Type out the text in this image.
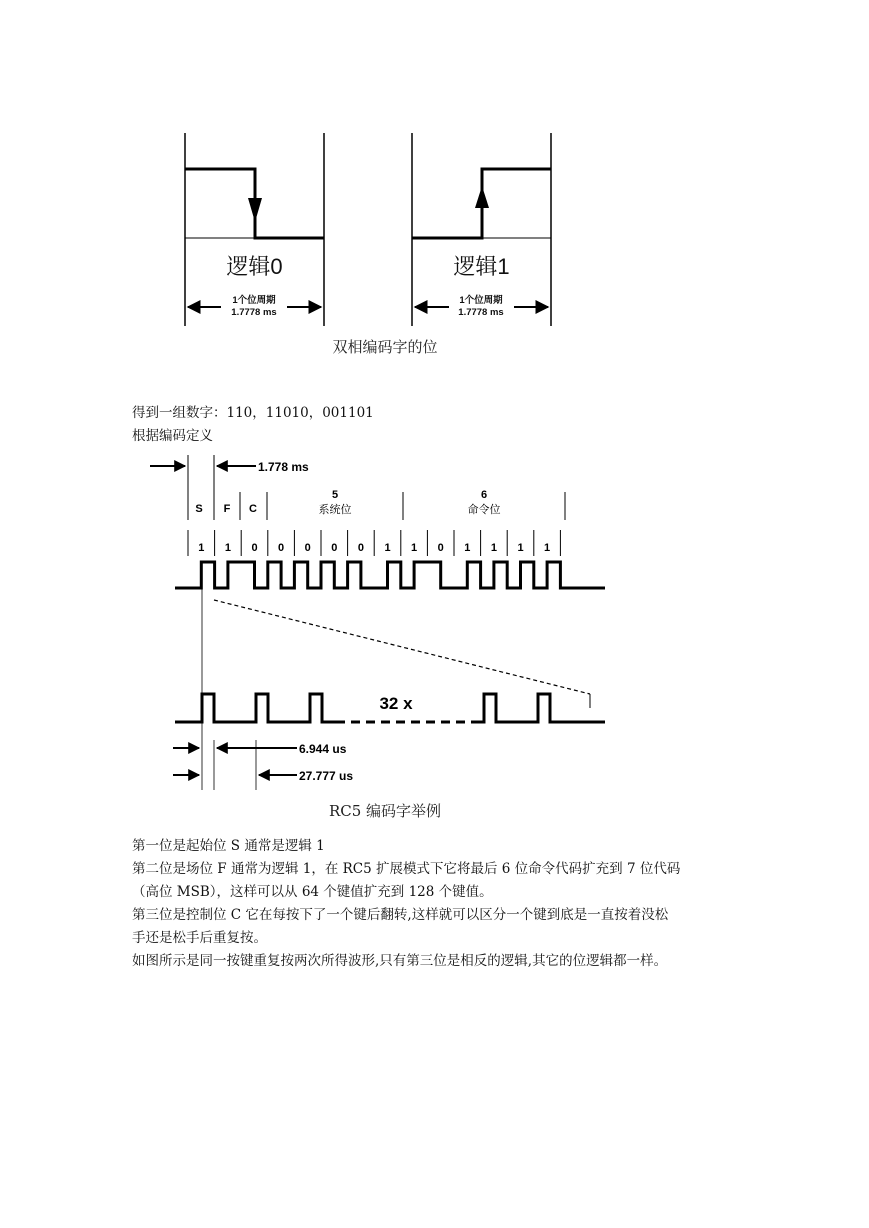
逻辑0	逻辑1
1个位周期
1.7778 ms
1个位周期
1.7778 ms
双相编码字的位
得到一组数字：110，11010，001101
根据编码定义
1.778 ms
S F C
5
系统位
6
命令位
1 1 0 0 0 0 0 1 1 0 1 1 1 1
32 x
6.944 us
27.777 us
RC5 编码字举例
第一位是起始位 S 通常是逻辑 1
第二位是场位 F 通常为逻辑 1，在 RC5 扩展模式下它将最后 6 位命令代码扩充到 7 位代码
（高位 MSB），这样可以从 64 个键值扩充到 128 个键值。
第三位是控制位 C 它在每按下了一个键后翻转,这样就可以区分一个键到底是一直按着没松
手还是松手后重复按。
如图所示是同一按键重复按两次所得波形,只有第三位是相反的逻辑,其它的位逻辑都一样。
